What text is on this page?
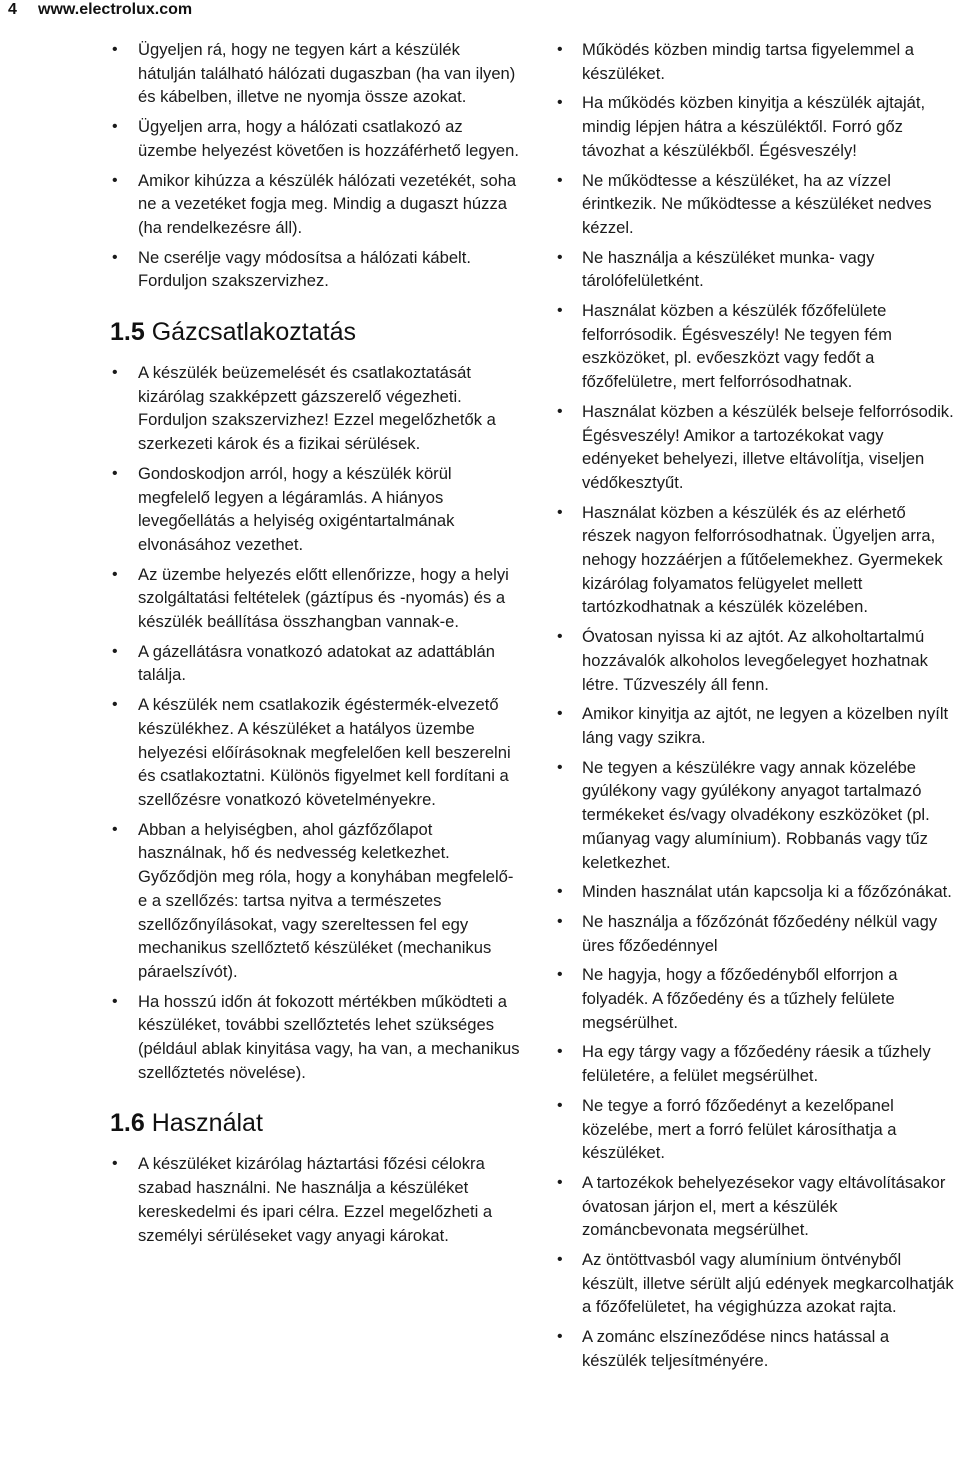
4 www.electrolux.com
• Ügyeljen rá, hogy ne tegyen kárt a készülék hátulján található hálózati dugaszban (ha van ilyen) és kábelben, illetve ne nyomja össze azokat.
• Ügyeljen arra, hogy a hálózati csatlakozó az üzembe helyezést követően is hozzáférhető legyen.
• Amikor kihúzza a készülék hálózati vezetékét, soha ne a vezetéket fogja meg. Mindig a dugaszt húzza (ha rendelkezésre áll).
• Ne cserélje vagy módosítsa a hálózati kábelt. Forduljon szakszervizhez.
1.5 Gázcsatlakoztatás
• A készülék beüzemelését és csatlakoztatását kizárólag szakképzett gázszerelő végezheti. Forduljon szakszervizhez! Ezzel megelőzhetők a szerkezeti károk és a fizikai sérülések.
• Gondoskodjon arról, hogy a készülék körül megfelelő legyen a légáramlás. A hiányos levegőellátás a helyiség oxigéntartalmának elvonásához vezethet.
• Az üzembe helyezés előtt ellenőrizze, hogy a helyi szolgáltatási feltételek (gáztípus és -nyomás) és a készülék beállítása összhangban vannak-e.
• A gázellátásra vonatkozó adatokat az adattáblán találja.
• A készülék nem csatlakozik égéstermék-elvezető készülékhez. A készüléket a hatályos üzembe helyezési előírásoknak megfelelően kell beszerelni és csatlakoztatni. Különös figyelmet kell fordítani a szellőzésre vonatkozó követelményekre.
• Abban a helyiségben, ahol gázfőzőlapot használnak, hő és nedvesség keletkezhet. Győződjön meg róla, hogy a konyhában megfelelő-e a szellőzés: tartsa nyitva a természetes szellőzőnyílásokat, vagy szereltessen fel egy mechanikus szellőztető készüléket (mechanikus páraelszívót).
• Ha hosszú időn át fokozott mértékben működteti a készüléket, további szellőztetés lehet szükséges (például ablak kinyitása vagy, ha van, a mechanikus szellőztetés növelése).
1.6 Használat
• A készüléket kizárólag háztartási főzési célokra szabad használni. Ne használja a készüléket kereskedelmi és ipari célra. Ezzel megelőzheti a személyi sérüléseket vagy anyagi károkat.
• Működés közben mindig tartsa figyelemmel a készüléket.
• Ha működés közben kinyitja a készülék ajtaját, mindig lépjen hátra a készüléktől. Forró gőz távozhat a készülékből. Égésveszély!
• Ne működtesse a készüléket, ha az vízzel érintkezik. Ne működtesse a készüléket nedves kézzel.
• Ne használja a készüléket munka- vagy tárolófelületként.
• Használat közben a készülék főzőfelülete felforrósodik. Égésveszély! Ne tegyen fém eszközöket, pl. evőeszközt vagy fedőt a főzőfelületre, mert felforrósodhatnak.
• Használat közben a készülék belseje felforrósodik. Égésveszély! Amikor a tartozékokat vagy edényeket behelyezi, illetve eltávolítja, viseljen védőkesztyűt.
• Használat közben a készülék és az elérhető részek nagyon felforrósodhatnak. Ügyeljen arra, nehogy hozzáérjen a fűtőelemekhez. Gyermekek kizárólag folyamatos felügyelet mellett tartózkodhatnak a készülék közelében.
• Óvatosan nyissa ki az ajtót. Az alkoholtartalmú hozzávalók alkoholos levegőelegyet hozhatnak létre. Tűzveszély áll fenn.
• Amikor kinyitja az ajtót, ne legyen a közelben nyílt láng vagy szikra.
• Ne tegyen a készülékre vagy annak közelébe gyúlékony vagy gyúlékony anyagot tartalmazó termékeket és/vagy olvadékony eszközöket (pl. műanyag vagy alumínium). Robbanás vagy tűz keletkezhet.
• Minden használat után kapcsolja ki a főzőzónákat.
• Ne használja a főzőzónát főzőedény nélkül vagy üres főzőedénnyel
• Ne hagyja, hogy a főzőedényből elforrjon a folyadék. A főzőedény és a tűzhely felülete megsérülhet.
• Ha egy tárgy vagy a főzőedény ráesik a tűzhely felületére, a felület megsérülhet.
• Ne tegye a forró főzőedényt a kezelőpanel közelébe, mert a forró felület károsíthatja a készüléket.
• A tartozékok behelyezésekor vagy eltávolításakor óvatosan járjon el, mert a készülék zománcbevonata megsérülhet.
• Az öntöttvasból vagy alumínium öntvényből készült, illetve sérült aljú edények megkarcolhatják a főzőfelületet, ha végighúzza azokat rajta.
• A zománc elszíneződése nincs hatással a készülék teljesítményére.
